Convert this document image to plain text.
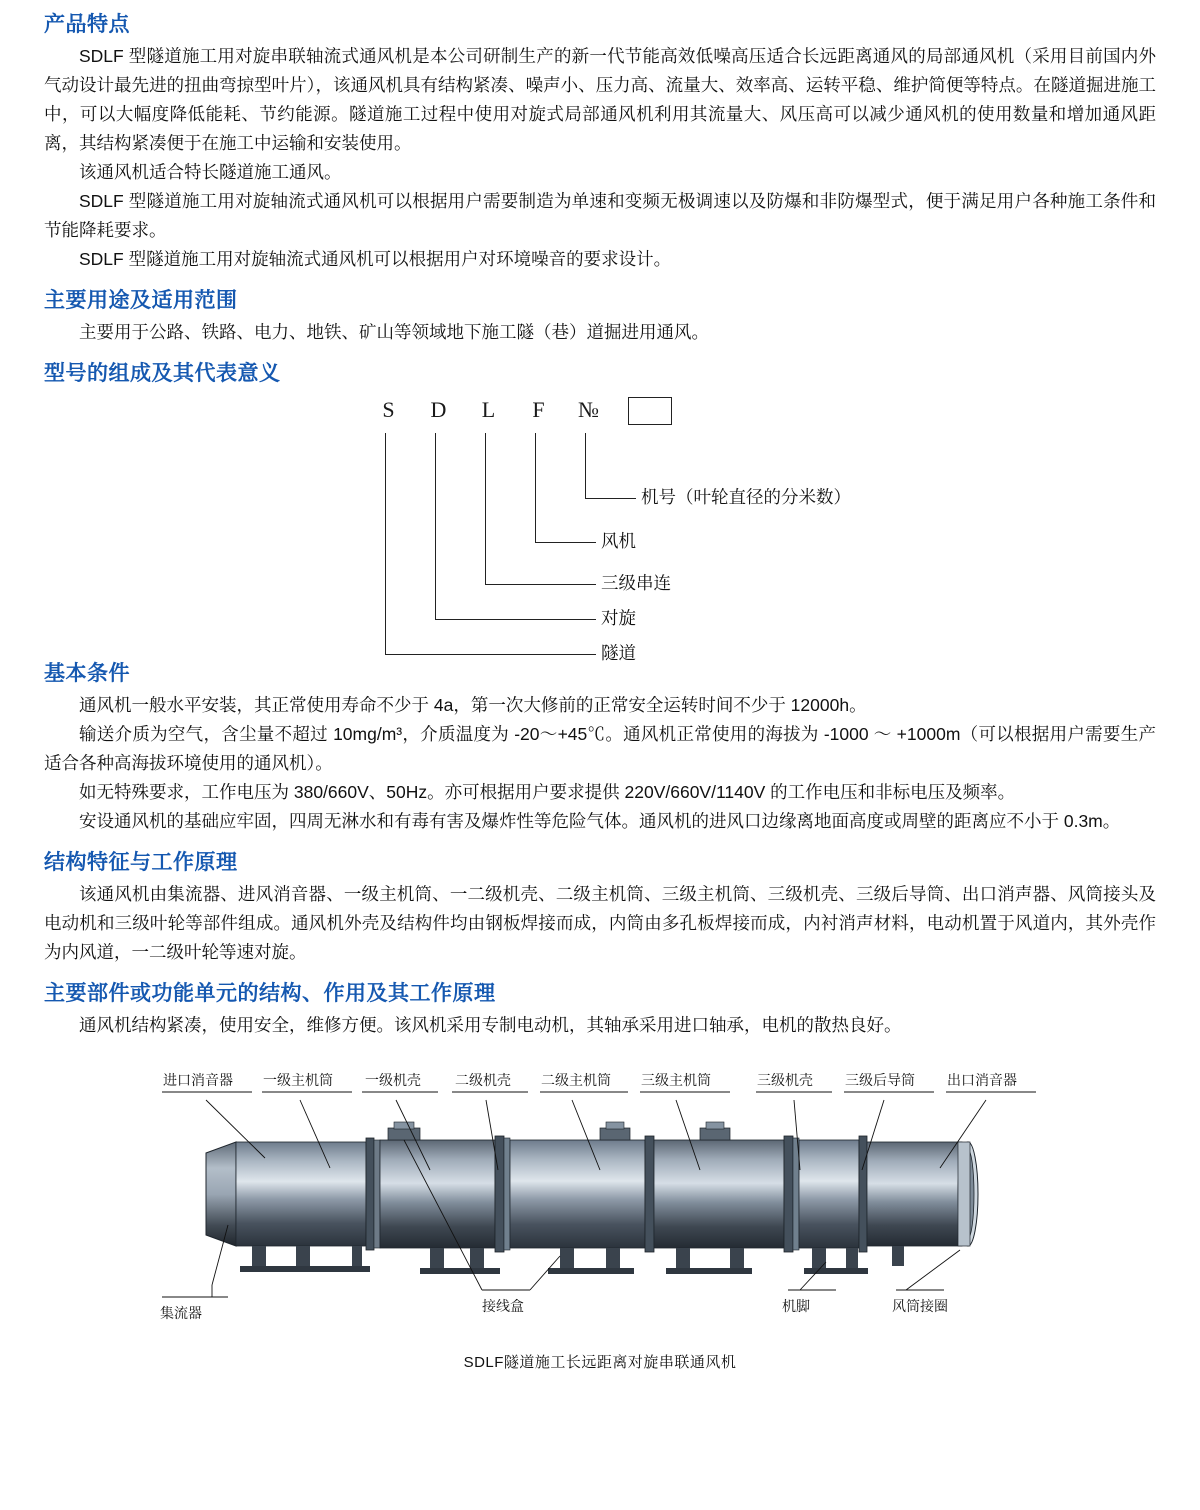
产品特点

SDLF 型隧道施工用对旋串联轴流式通风机是本公司研制生产的新一代节能高效低噪高压适合长远距离通风的局部通风机（采用目前国内外气动设计最先进的扭曲弯掠型叶片），该通风机具有结构紧凑、噪声小、压力高、流量大、效率高、运转平稳、维护简便等特点。在隧道掘进施工中，可以大幅度降低能耗、节约能源。隧道施工过程中使用对旋式局部通风机利用其流量大、风压高可以减少通风机的使用数量和增加通风距离，其结构紧凑便于在施工中运输和安装使用。

该通风机适合特长隧道施工通风。

SDLF 型隧道施工用对旋轴流式通风机可以根据用户需要制造为单速和变频无极调速以及防爆和非防爆型式，便于满足用户各种施工条件和节能降耗要求。

SDLF 型隧道施工用对旋轴流式通风机可以根据用户对环境噪音的要求设计。

主要用途及适用范围

主要用于公路、铁路、电力、地铁、矿山等领域地下施工隧（巷）道掘进用通风。

型号的组成及其代表意义
S	D	L	F	№
机号（叶轮直径的分米数）
风机
三级串连
对旋
隧道
基本条件

通风机一般水平安装，其正常使用寿命不少于 4a，第一次大修前的正常安全运转时间不少于 12000h。

输送介质为空气，含尘量不超过 10mg/m³，介质温度为 -20～+45℃。通风机正常使用的海拔为 -1000 ～ +1000m（可以根据用户需要生产适合各种高海拔环境使用的通风机）。

如无特殊要求，工作电压为 380/660V、50Hz。亦可根据用户要求提供 220V/660V/1140V 的工作电压和非标电压及频率。

安设通风机的基础应牢固，四周无淋水和有毒有害及爆炸性等危险气体。通风机的进风口边缘离地面高度或周壁的距离应不小于 0.3m。

结构特征与工作原理

该通风机由集流器、进风消音器、一级主机筒、一二级机壳、二级主机筒、三级主机筒、三级机壳、三级后导筒、出口消声器、风筒接头及电动机和三级叶轮等部件组成。通风机外壳及结构件均由钢板焊接而成，内筒由多孔板焊接而成，内衬消声材料，电动机置于风道内，其外壳作为内风道，一二级叶轮等速对旋。

主要部件或功能单元的结构、作用及其工作原理

通风机结构紧凑，使用安全，维修方便。该风机采用专制电动机，其轴承采用进口轴承，电机的散热良好。

进口消音器 一级主机筒 一级机壳 二级机壳 二级主机筒 三级主机筒	三级机壳 三级后导筒 出口消音器
集流器	接线盒	机脚	风筒接圈
SDLF隧道施工长远距离对旋串联通风机
